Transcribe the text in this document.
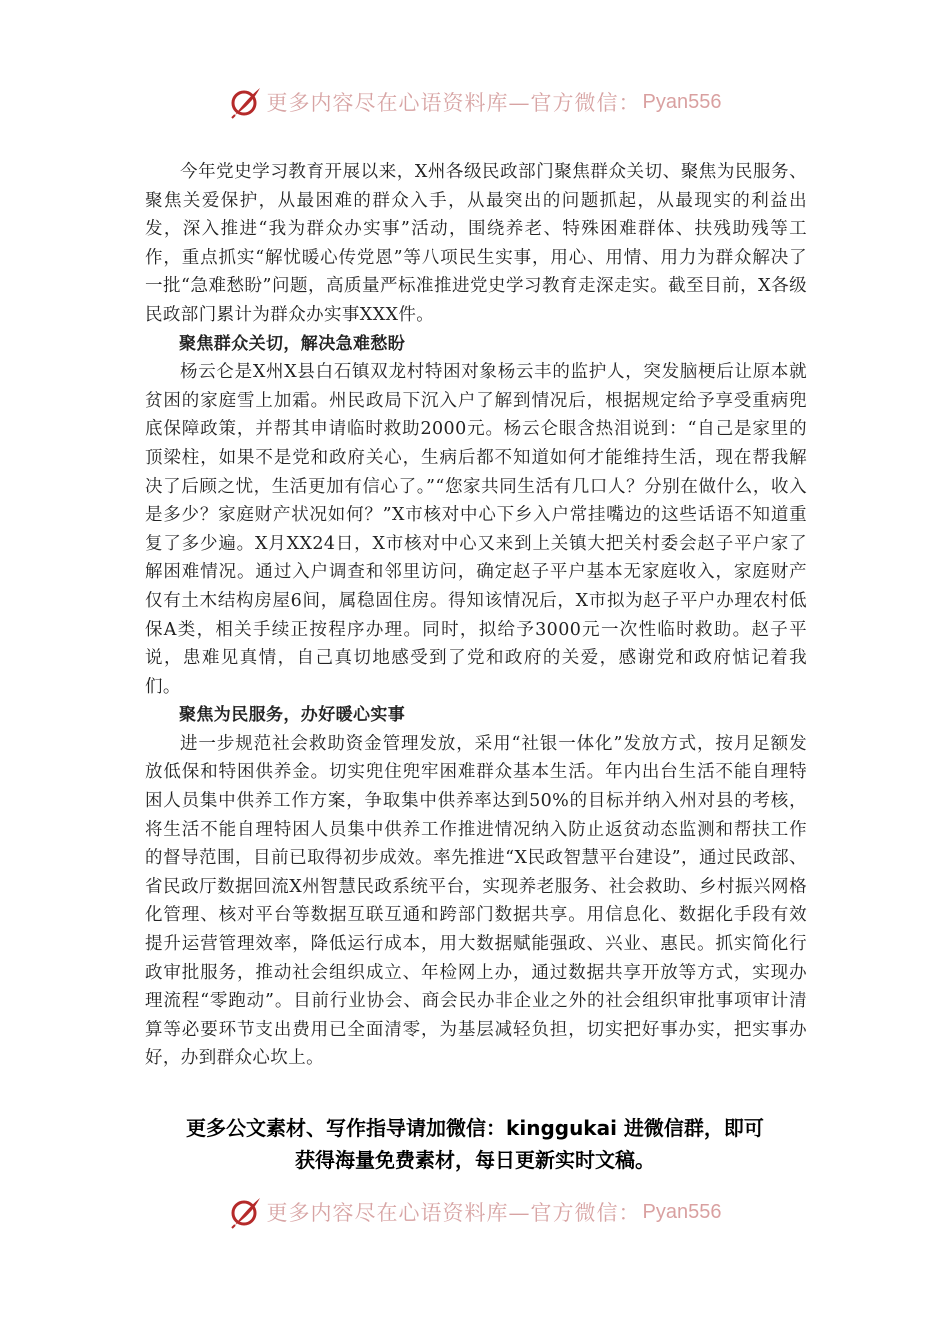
更多内容尽在心语资料库—官方微信： Pyan556

今年党史学习教育开展以来，X州各级民政部门聚焦群众关切、聚焦为民服务、聚焦关爱保护，从最困难的群众入手，从最突出的问题抓起，从最现实的利益出发，深入推进“我为群众办实事”活动，围绕养老、特殊困难群体、扶残助残等工作，重点抓实“解忧暖心传党恩”等八项民生实事，用心、用情、用力为群众解决了一批“急难愁盼”问题，高质量严标准推进党史学习教育走深走实。截至目前，X各级民政部门累计为群众办实事XXX件。

聚焦群众关切，解决急难愁盼

杨云仑是X州X县白石镇双龙村特困对象杨云丰的监护人，突发脑梗后让原本就贫困的家庭雪上加霜。州民政局下沉入户了解到情况后，根据规定给予享受重病兜底保障政策，并帮其申请临时救助2000元。杨云仑眼含热泪说到：“自己是家里的顶梁柱，如果不是党和政府关心，生病后都不知道如何才能维持生活，现在帮我解决了后顾之忧，生活更加有信心了。”“您家共同生活有几口人？分别在做什么，收入是多少？家庭财产状况如何？”X市核对中心下乡入户常挂嘴边的这些话语不知道重复了多少遍。X月XX24日，X市核对中心又来到上关镇大把关村委会赵子平户家了解困难情况。通过入户调查和邻里访问，确定赵子平户基本无家庭收入，家庭财产仅有土木结构房屋6间，属稳固住房。得知该情况后，X市拟为赵子平户办理农村低保A类，相关手续正按程序办理。同时，拟给予3000元一次性临时救助。赵子平说，患难见真情，自己真切地感受到了党和政府的关爱，感谢党和政府惦记着我们。

聚焦为民服务，办好暖心实事

进一步规范社会救助资金管理发放，采用“社银一体化”发放方式，按月足额发放低保和特困供养金。切实兜住兜牢困难群众基本生活。年内出台生活不能自理特困人员集中供养工作方案，争取集中供养率达到50%的目标并纳入州对县的考核，将生活不能自理特困人员集中供养工作推进情况纳入防止返贫动态监测和帮扶工作的督导范围，目前已取得初步成效。率先推进“X民政智慧平台建设”，通过民政部、省民政厅数据回流X州智慧民政系统平台，实现养老服务、社会救助、乡村振兴网格化管理、核对平台等数据互联互通和跨部门数据共享。用信息化、数据化手段有效提升运营管理效率，降低运行成本，用大数据赋能强政、兴业、惠民。抓实简化行政审批服务，推动社会组织成立、年检网上办，通过数据共享开放等方式，实现办理流程“零跑动”。目前行业协会、商会民办非企业之外的社会组织审批事项审计清算等必要环节支出费用已全面清零，为基层减轻负担，切实把好事办实，把实事办好，办到群众心坎上。

更多公文素材、写作指导请加微信：kinggukai 进微信群，即可
获得海量免费素材，每日更新实时文稿。
更多内容尽在心语资料库—官方微信： Pyan556
